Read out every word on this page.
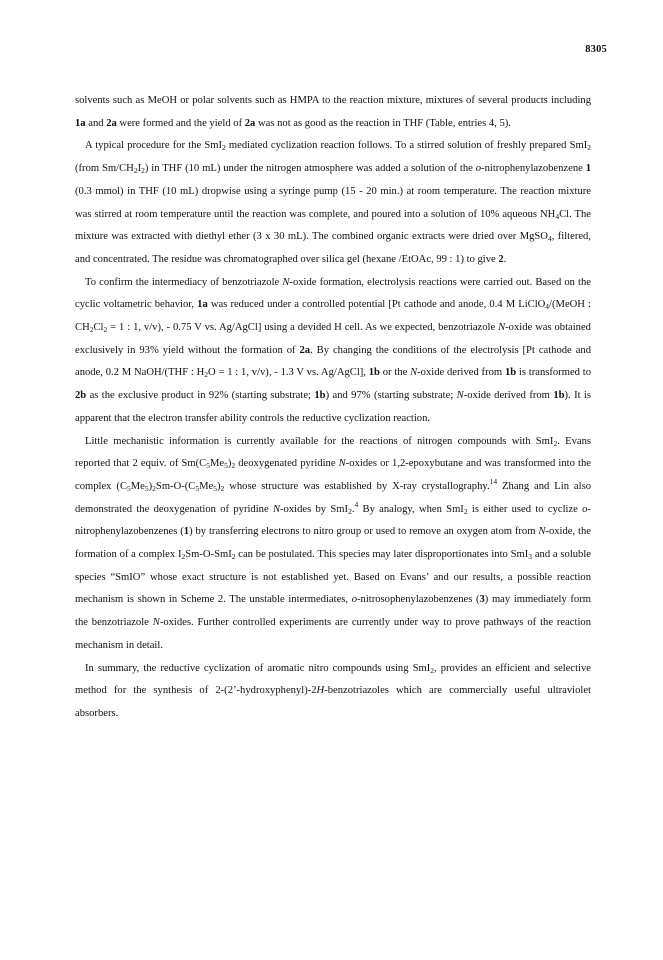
8305

solvents such as MeOH or polar solvents such as HMPA to the reaction mixture, mixtures of several products including 1a and 2a were formed and the yield of 2a was not as good as the reaction in THF (Table, entries 4, 5).

A typical procedure for the SmI$_2$ mediated cyclization reaction follows. To a stirred solution of freshly prepared SmI$_2$ (from $Sm/CH_2I_2$) in THF (10 mL) under the nitrogen atmosphere was added a solution of the o-nitrophenylazobenzene 1 (0.3 mmol) in THF (10 mL) dropwise using a syringe pump (15 - 20 min.) at room temperature. The reaction mixture was stirred at room temperature until the reaction was complete, and poured into a solution of 10% aqueous $NH_4Cl$. The mixture was extracted with diethyl ether (3 x 30 mL). The combined organic extracts were dried over MgSO$_4$, filtered, and concentrated. The residue was chromatographed over silica gel (hexane /EtOAc, 99 : 1) to give 2.

To confirm the intermediacy of benzotriazole N-oxide formation, electrolysis reactions were carried out. Based on the cyclic voltametric behavior, 1a was reduced under a controlled potential [Pt cathode and anode, 0.4 M LiClO$_4$/(MeOH : $CH_2Cl_2 = 1$ : 1, v/v), - 0.75 V vs. Ag/AgCl] using a devided H cell. As we expected, benzotriazole N-oxide was obtained exclusively in 93% yield without the formation of 2a. By changing the conditions of the electrolysis [Pt cathode and anode, 0.2 M NaOH/(THF : $H_2O = 1$ : 1, v/v), - 1.3 V vs. Ag/AgCl], 1b or the N-oxide derived from 1b is transformed to 2b as the exclusive product in 92% (starting substrate; 1b) and 97% (starting substrate; N-oxide derived from 1b). It is apparent that the electron transfer ability controls the reductive cyclization reaction.

Little mechanistic information is currently available for the reactions of nitrogen compounds with SmI$_2$. Evans reported that 2 equiv. of $Sm(C_5Me_5)_2$ deoxygenated pyridine N-oxides or 1,2-epoxybutane and was transformed into the complex $(C_5Me_5)_2Sm-O-(C_5Me_5)_2$ whose structure was established by X-ray crystallography.$^{14}$ Zhang and Lin also demonstrated the deoxygenation of pyridine N-oxides by SmI$_2$.$^4$ By analogy, when SmI$_2$ is either used to cyclize o-nitrophenylazobenzenes (1) by transferring electrons to nitro group or used to remove an oxygen atom from N-oxide, the formation of a complex $I_2Sm-O-SmI_2$ can be postulated. This species may later disproportionates into SmI$_3$ and a soluble species “SmIO” whose exact structure is not established yet. Based on Evans’ and our results, a possible reaction mechanism is shown in Scheme 2. The unstable intermediates, o-nitrosophenylazobenzenes (3) may immediately form the benzotriazole N-oxides. Further controlled experiments are currently under way to prove pathways of the reaction mechanism in detail.

In summary, the reductive cyclization of aromatic nitro compounds using SmI$_2$, provides an efficient and selective method for the synthesis of 2-(2’-hydroxyphenyl)-2H-benzotriazoles which are commercially useful ultraviolet absorbers.
